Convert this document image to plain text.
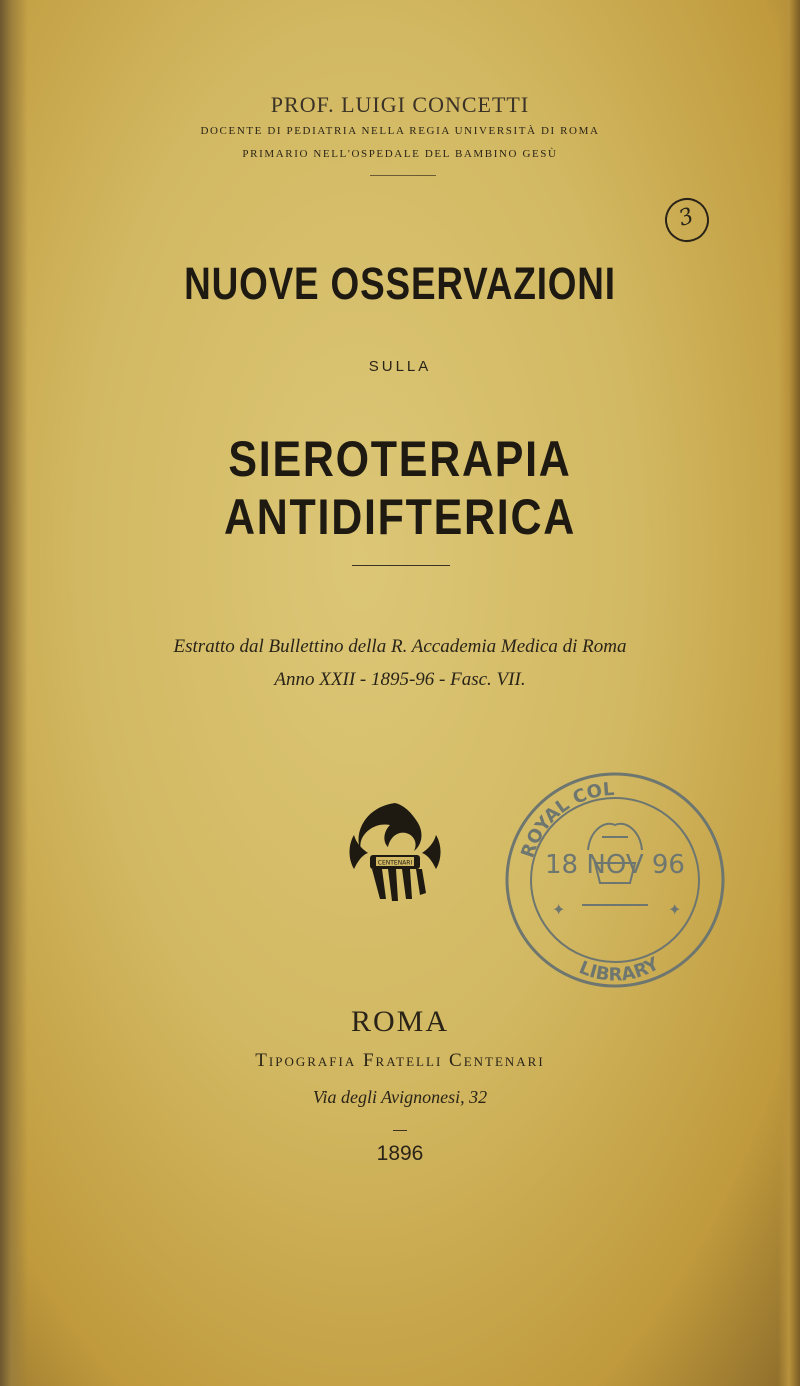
PROF. LUIGI CONCETTI
DOCENTE DI PEDIATRIA NELLA REGIA UNIVERSITÀ DI ROMA
PRIMARIO NELL'OSPEDALE DEL BAMBINO GESÙ
3
NUOVE OSSERVAZIONI
SULLA
SIEROTERAPIA ANTIDIFTERICA
Estratto dal Bullettino della R. Accademia Medica di Roma
Anno XXII - 1895-96 - Fasc. VII.
CENTENARI	18 NOV 96
ROYAL COL
LIBRARY
✦	✦
ROMA
Tipografia Fratelli Centenari
Via degli Avignonesi, 32
1896
